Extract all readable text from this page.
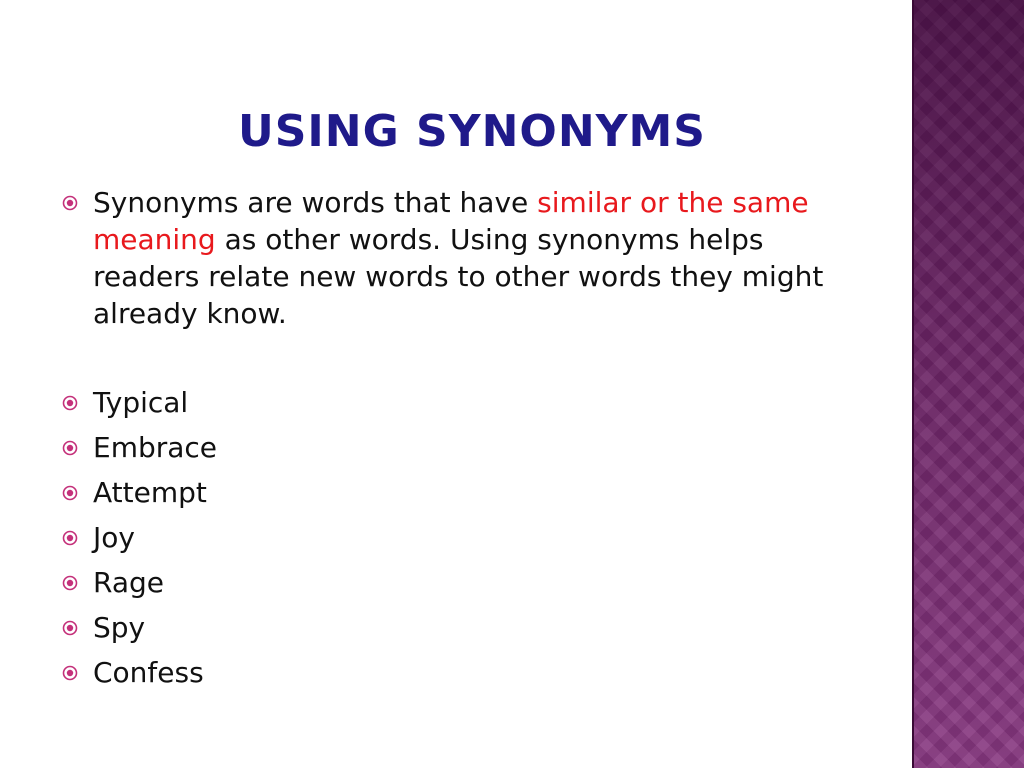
USING SYNONYMS
Synonyms are words that have similar or the same meaning as other words. Using synonyms helps readers relate new words to other words they might already know.
Typical
Embrace
Attempt
Joy
Rage
Spy
Confess
